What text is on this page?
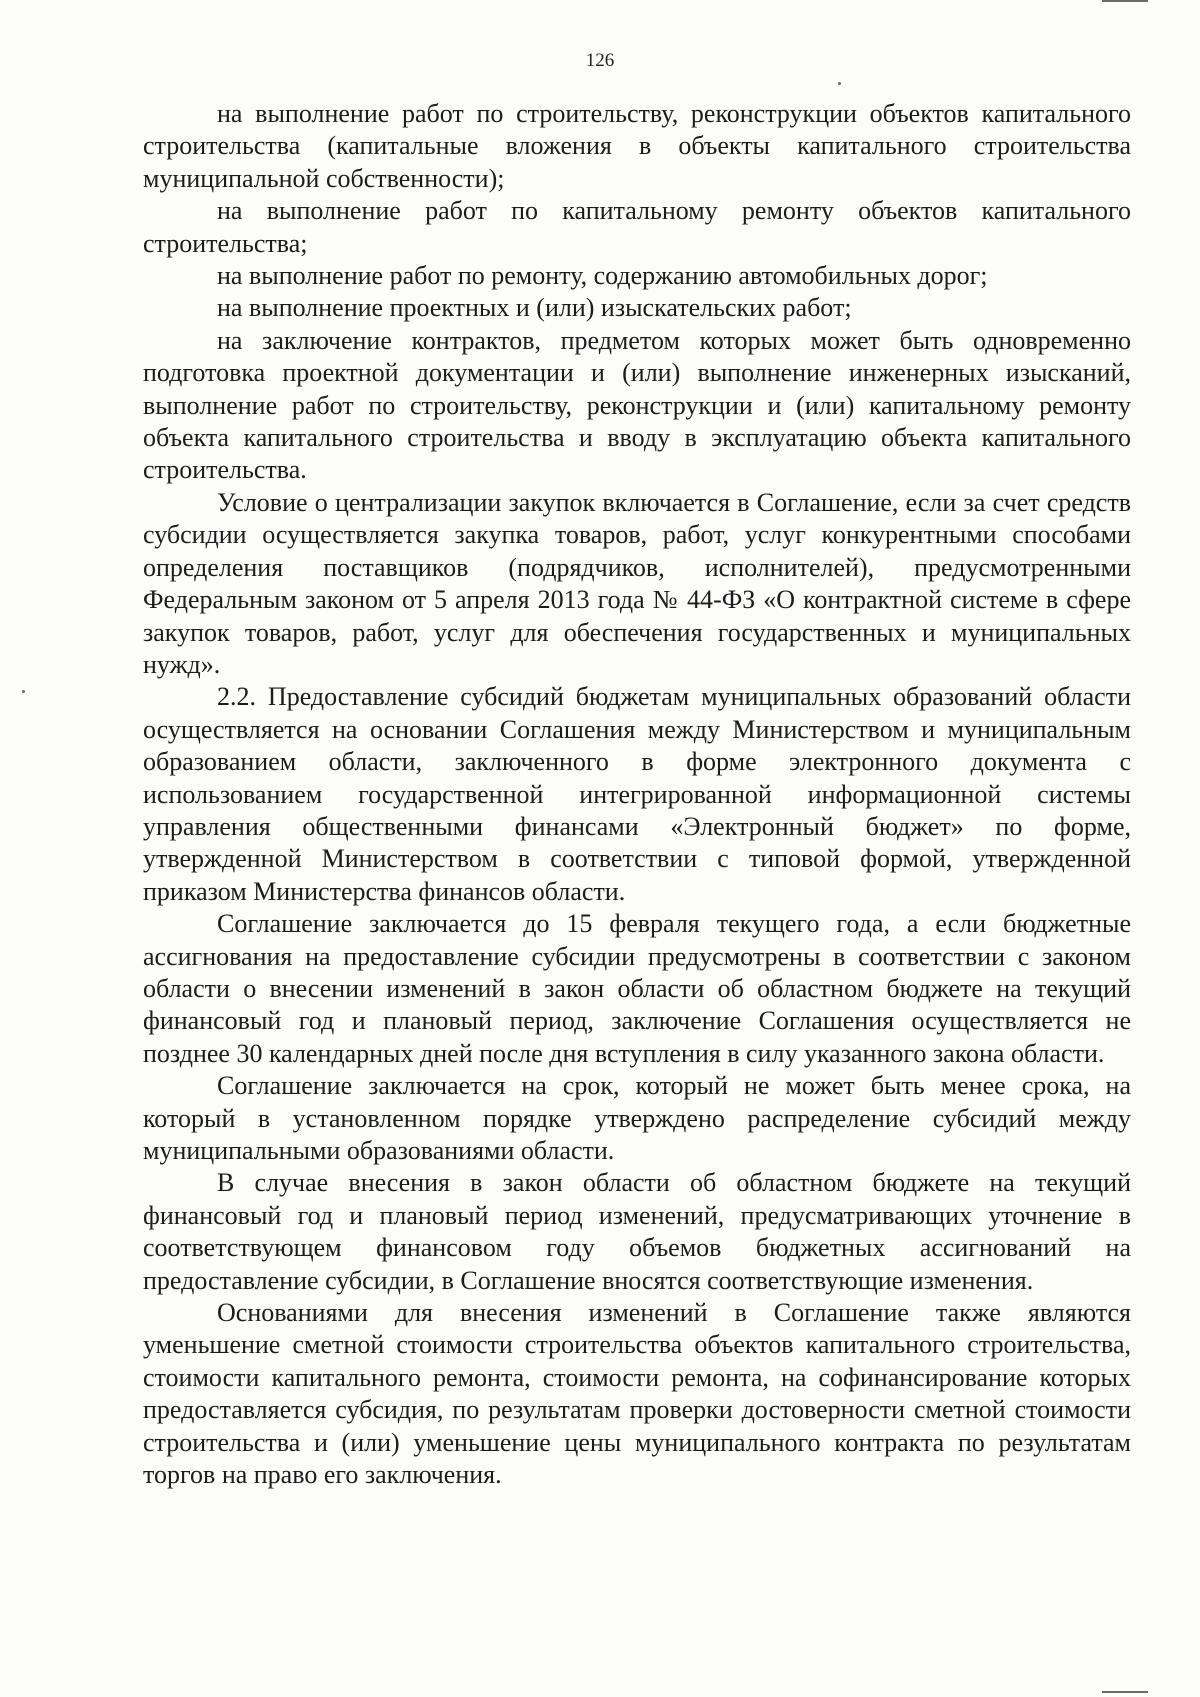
126

на выполнение работ по строительству, реконструкции объектов капитального строительства (капитальные вложения в объекты капитального строительства муниципальной собственности);

на выполнение работ по капитальному ремонту объектов капитального строительства;

на выполнение работ по ремонту, содержанию автомобильных дорог;

на выполнение проектных и (или) изыскательских работ;

на заключение контрактов, предметом которых может быть одновременно подготовка проектной документации и (или) выполнение инженерных изысканий, выполнение работ по строительству, реконструкции и (или) капитальному ремонту объекта капитального строительства и вводу в эксплуатацию объекта капитального строительства.

Условие о централизации закупок включается в Соглашение, если за счет средств субсидии осуществляется закупка товаров, работ, услуг конкурентными способами определения поставщиков (подрядчиков, исполнителей), предусмотренными Федеральным законом от 5 апреля 2013 года № 44-ФЗ «О контрактной системе в сфере закупок товаров, работ, услуг для обеспечения государственных и муниципальных нужд».

2.2. Предоставление субсидий бюджетам муниципальных образований области осуществляется на основании Соглашения между Министерством и муниципальным образованием области, заключенного в форме электронного документа с использованием государственной интегрированной информационной системы управления общественными финансами «Электронный бюджет» по форме, утвержденной Министерством в соответствии с типовой формой, утвержденной приказом Министерства финансов области.

Соглашение заключается до 15 февраля текущего года, а если бюджетные ассигнования на предоставление субсидии предусмотрены в соответствии с законом области о внесении изменений в закон области об областном бюджете на текущий финансовый год и плановый период, заключение Соглашения осуществляется не позднее 30 календарных дней после дня вступления в силу указанного закона области.

Соглашение заключается на срок, который не может быть менее срока, на который в установленном порядке утверждено распределение субсидий между муниципальными образованиями области.

В случае внесения в закон области об областном бюджете на текущий финансовый год и плановый период изменений, предусматривающих уточнение в соответствующем финансовом году объемов бюджетных ассигнований на предоставление субсидии, в Соглашение вносятся соответствующие изменения.

Основаниями для внесения изменений в Соглашение также являются уменьшение сметной стоимости строительства объектов капитального строительства, стоимости капитального ремонта, стоимости ремонта, на софинансирование которых предоставляется субсидия, по результатам проверки достоверности сметной стоимости строительства и (или) уменьшение цены муниципального контракта по результатам торгов на право его заключения.
